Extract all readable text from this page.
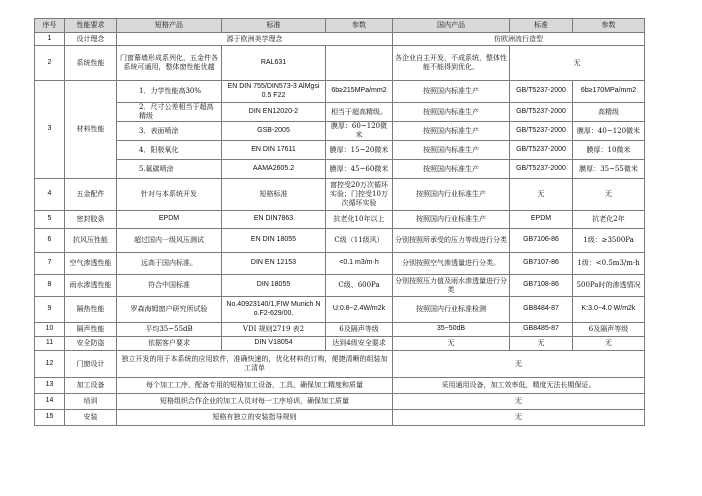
序号	性能要求	短格产品	标准	参数	国内产品	标准	参数
1	设计理念	源于欧洲美学理念			仿欧洲流行造型		
2	系统性能	门窗幕墙形成系列化，五金件各系统可通用，整体窗性能优越	RAL631		各企业自主开发，不成系统，整体性能不能得到优化。	无	
3	材料性能	1．力学性能高30%	EN DIN 755/DIN573-3 AlMgsi 0.5 F22	6b≥215MPa/mm2	按照国内标准生产	GB/T5237-2000	6b≥170MPa/mm2
		2．尺寸公差相当于超高精级	DIN EN12020-2	相当于超高精级。	按照国内标准生产	GB/T5237-2000	高精级
		3．表面喷涂	GSB-2005	膜厚：60~120微米	按照国内标准生产	GB/T5237-2000	膜厚：40~120微米
		4．阳极氧化	EN DIN 17611	膜厚：15~20微米	按照国内标准生产	GB/T5237-2000	膜厚：10微米
		5.氟碳喷涂	AAMA2605.2	膜厚：45~60微米	按照国内标准生产	GB/T5237-2000	膜厚：35~55微米
4	五金配件	针对与本系统开发	短格标准	窗控受20万次循环实验；门控受10万次循环实验	按照国内行业标准生产	无	无
5	密封胶条	EPDM	EN DIN7863	抗老化10年以上	按照国内行业标准生产	EPDM	抗老化2年
6	抗风压性能	超过国内一级风压测试	EN DIN 18055	C级（11级风）	分别按照所承受的压力等级进行分类	GB7106-86	1级：≥3500Pa
7	空气渗透性能	远高于国内标准。	DIN EN 12153	<0.1 m3/m·h	分别按照空气渗透量进行分类。	GB7107-86	1级：<0.5m3/m·h
8	雨水渗透性能	符合中国标准	DIN 18055	C级、600Pa	分别按照压力值及雨水渗透量进行分类	GB7108-86	500Pa时的渗透情况
9	隔热性能	罗森海姆窗户研究所试验	No.40923140/1,FIW Munich No.F2-629/00.	U:0.8~2.4W/m2k	按照国内行业标准检测	GB8484-87	K:3.0~4.0 W/m2k
10	隔声性能	平均35~55dB	VDI 规则2719 表2	6及隔声等级	35~50dB	GB8485-87	6及隔声等级
11	安全防盗	依据客户要求	DIN V18054	达到4级安全要求	无	无	无
12	门窗设计	独立开发的用于本系统的应用软件，准确快速的，优化材料的订购，便捷清晰的组装加工清单			无		
13	加工设备	每个加工工序，配备专用的短格加工设备，工具，确保加工精度和质量			采用通用设备，加工效率低，精度无法长期保证。		
14	培训	短格组织合作企业的加工人员对每一工序培训，确保加工质量			无		
15	安装	短格有独立的安装指导规则			无		
